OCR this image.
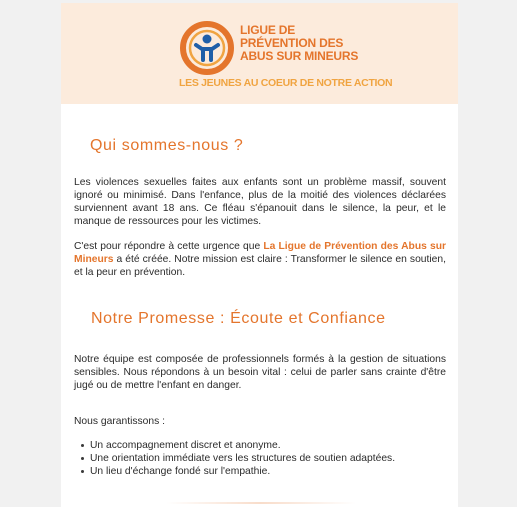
LIGUE DE
PRÉVENTION DES
ABUS SUR MINEURS
LES JEUNES AU COEUR DE NOTRE ACTION
Qui sommes-nous ?

Les violences sexuelles faites aux enfants sont un problème massif, souvent ignoré ou minimisé. Dans l'enfance, plus de la moitié des violences déclarées surviennent avant 18 ans. Ce fléau s'épanouit dans le silence, la peur, et le manque de ressources pour les victimes.

C'est pour répondre à cette urgence que La Ligue de Prévention des Abus sur Mineurs a été créée. Notre mission est claire : Transformer le silence en soutien, et la peur en prévention.

Notre Promesse : Écoute et Confiance

Notre équipe est composée de professionnels formés à la gestion de situations sensibles. Nous répondons à un besoin vital : celui de parler sans crainte d'être jugé ou de mettre l'enfant en danger.

Nous garantissons :

Un accompagnement discret et anonyme.
Une orientation immédiate vers les structures de soutien adaptées.
Un lieu d'échange fondé sur l'empathie.
